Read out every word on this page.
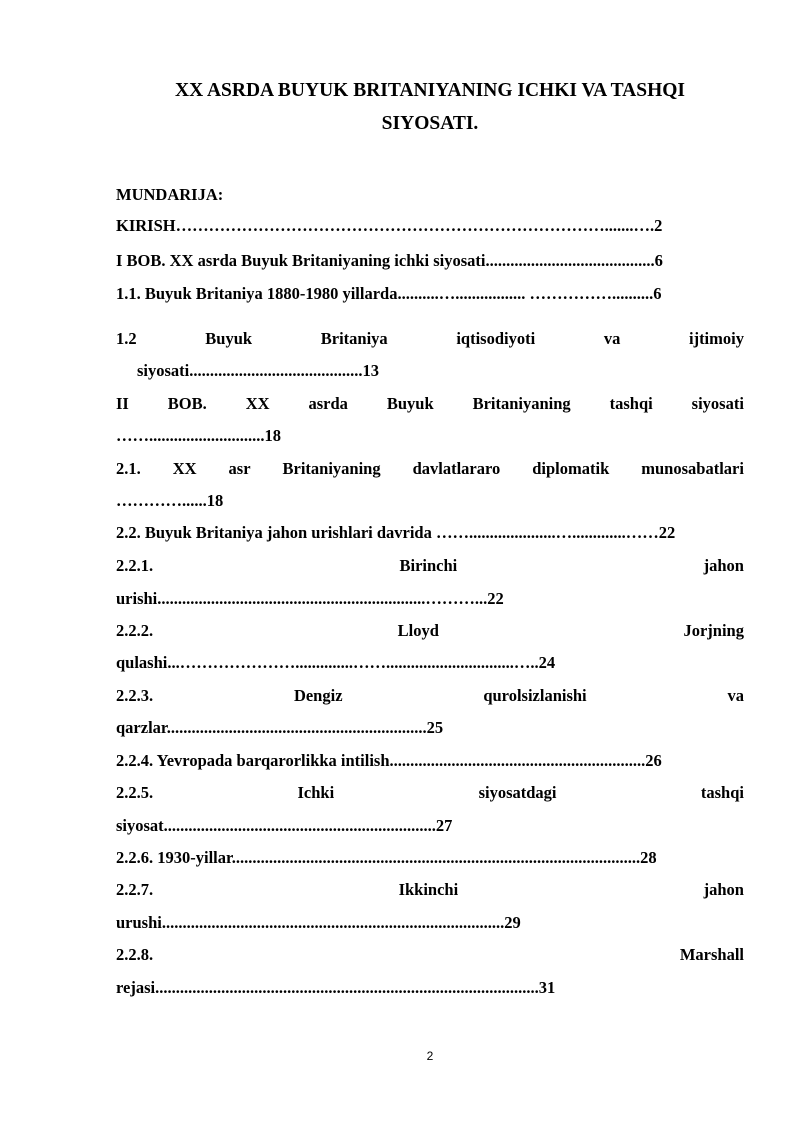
XX ASRDA BUYUK BRITANIYANING ICHKI VA TASHQI
SIYOSATI.
MUNDARIJA:
KIRISH…………………………………………………………………….......….2
I BOB. XX asrda Buyuk Britaniyaning ichki siyosati.........................................6
1.1. Buyuk Britaniya 1880-1980 yillarda..........…................. ……………..........6
1.2	Buyuk	Britaniya	iqtisodiyoti	va	ijtimoiy
siyosati..........................................13
II BOB. XX asrda Buyuk Britaniyaning tashqi siyosati
……............................18
2.1. XX asr Britaniyaning davlatlararo diplomatik munosabatlari
…………......18
2.2. Buyuk Britaniya jahon urishlari davrida …….....................….............……22
2.2.1.	Birinchi	jahon
urishi.................................................................………...22
2.2.2.	Lloyd	Jorjning
qulashi...…………………..............……...............................…..24
2.2.3.	Dengiz	qurolsizlanishi	va
qarzlar...............................................................25
2.2.4. Yevropada barqarorlikka intilish..............................................................26
2.2.5.	Ichki	siyosatdagi	tashqi
siyosat..................................................................27
2.2.6. 1930-yillar...................................................................................................28
2.2.7.	Ikkinchi	jahon
urushi...................................................................................29
2.2.8.	Marshall
rejasi.............................................................................................31
2
